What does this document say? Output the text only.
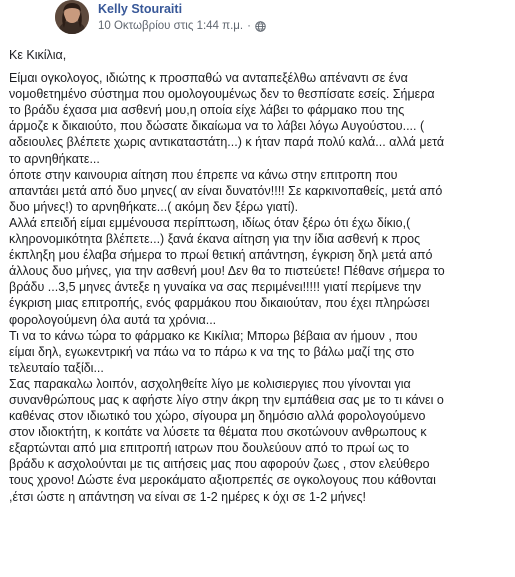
Kelly Stouraiti
10 Οκτωβρίου στις 1:44 π.μ. ·

Κε Κικίλια,

Είμαι ογκολογος, ιδιώτης κ προσπαθώ να ανταπεξέλθω απέναντι σε ένα
νομοθετημένο σύστημα που ομολογουμένως δεν το θεσπίσατε εσείς. Σήμερα
το βράδυ έχασα μια ασθενή μου,η οποία είχε λάβει το φάρμακο που της
άρμοζε κ δικαιούτο, που δώσατε δικαίωμα να το λάβει λόγω Αυγούστου.... (
αδειουλες βλέπετε χωρις αντικαταστάτη...) κ ήταν παρά πολύ καλά... αλλά μετά
το αρνηθήκατε...
όποτε στην καινουρια αίτηση που έπρεπε να κάνω στην επιτροπη που
απαντάει μετά από δυο μηνες( αν είναι δυνατόν!!!! Σε καρκινοπαθείς, μετά από
δυο μήνες!) το αρνηθήκατε...( ακόμη δεν ξέρω γιατί).
Αλλά επειδή είμαι εμμένουσα περίπτωση, ιδίως όταν ξέρω ότι έχω δίκιο,(
κληρονομικότητα βλέπετε...) ξανά έκανα αίτηση για την ίδια ασθενή κ προς
έκπληξη μου έλαβα σήμερα το πρωί θετική απάντηση, έγκριση δηλ μετά από
άλλους δυο μήνες, για την ασθενή μου! Δεν θα το πιστεύετε! Πέθανε σήμερα το
βράδυ ...3,5 μηνες άντεξε η γυναίκα να σας περιμένει!!!!! γιατί περίμενε την
έγκριση μιας επιτροπής, ενός φαρμάκου που δικαιούταν, που έχει πληρώσει
φορολογούμενη όλα αυτά τα χρόνια...
Τι να το κάνω τώρα το φάρμακο κε Κικίλια; Μπορω βέβαια αν ήμουν , που
είμαι δηλ, εγωκεντρική να πάω να το πάρω κ να της το βάλω μαζί της στο
τελευταίο ταξίδι...
Σας παρακαλω λοιπόν, ασχοληθείτε λίγο με κολισιεργιες που γίνονται για
συνανθρώπους μας κ αφήστε λίγο στην άκρη την εμπάθεια σας με το τι κάνει ο
καθένας στον ιδιωτικό του χώρο, σίγουρα μη δημόσιο αλλά φορολογούμενο
στον ιδιοκτήτη, κ κοιτάτε να λύσετε τα θέματα που σκοτώνουν ανθρωπους κ
εξαρτώνται από μια επιτροπή ιατρων που δουλεύουν από το πρωί ως το
βράδυ κ ασχολούνται με τις αιτήσεις μας που αφορούν ζωες , στον ελεύθερο
τους χρονο! Δώστε ένα μεροκάματο αξιοπρεπές σε ογκολογους που κάθονται
,έτσι ώστε η απάντηση να είναι σε 1-2 ημέρες κ όχι σε 1-2 μήνες!
